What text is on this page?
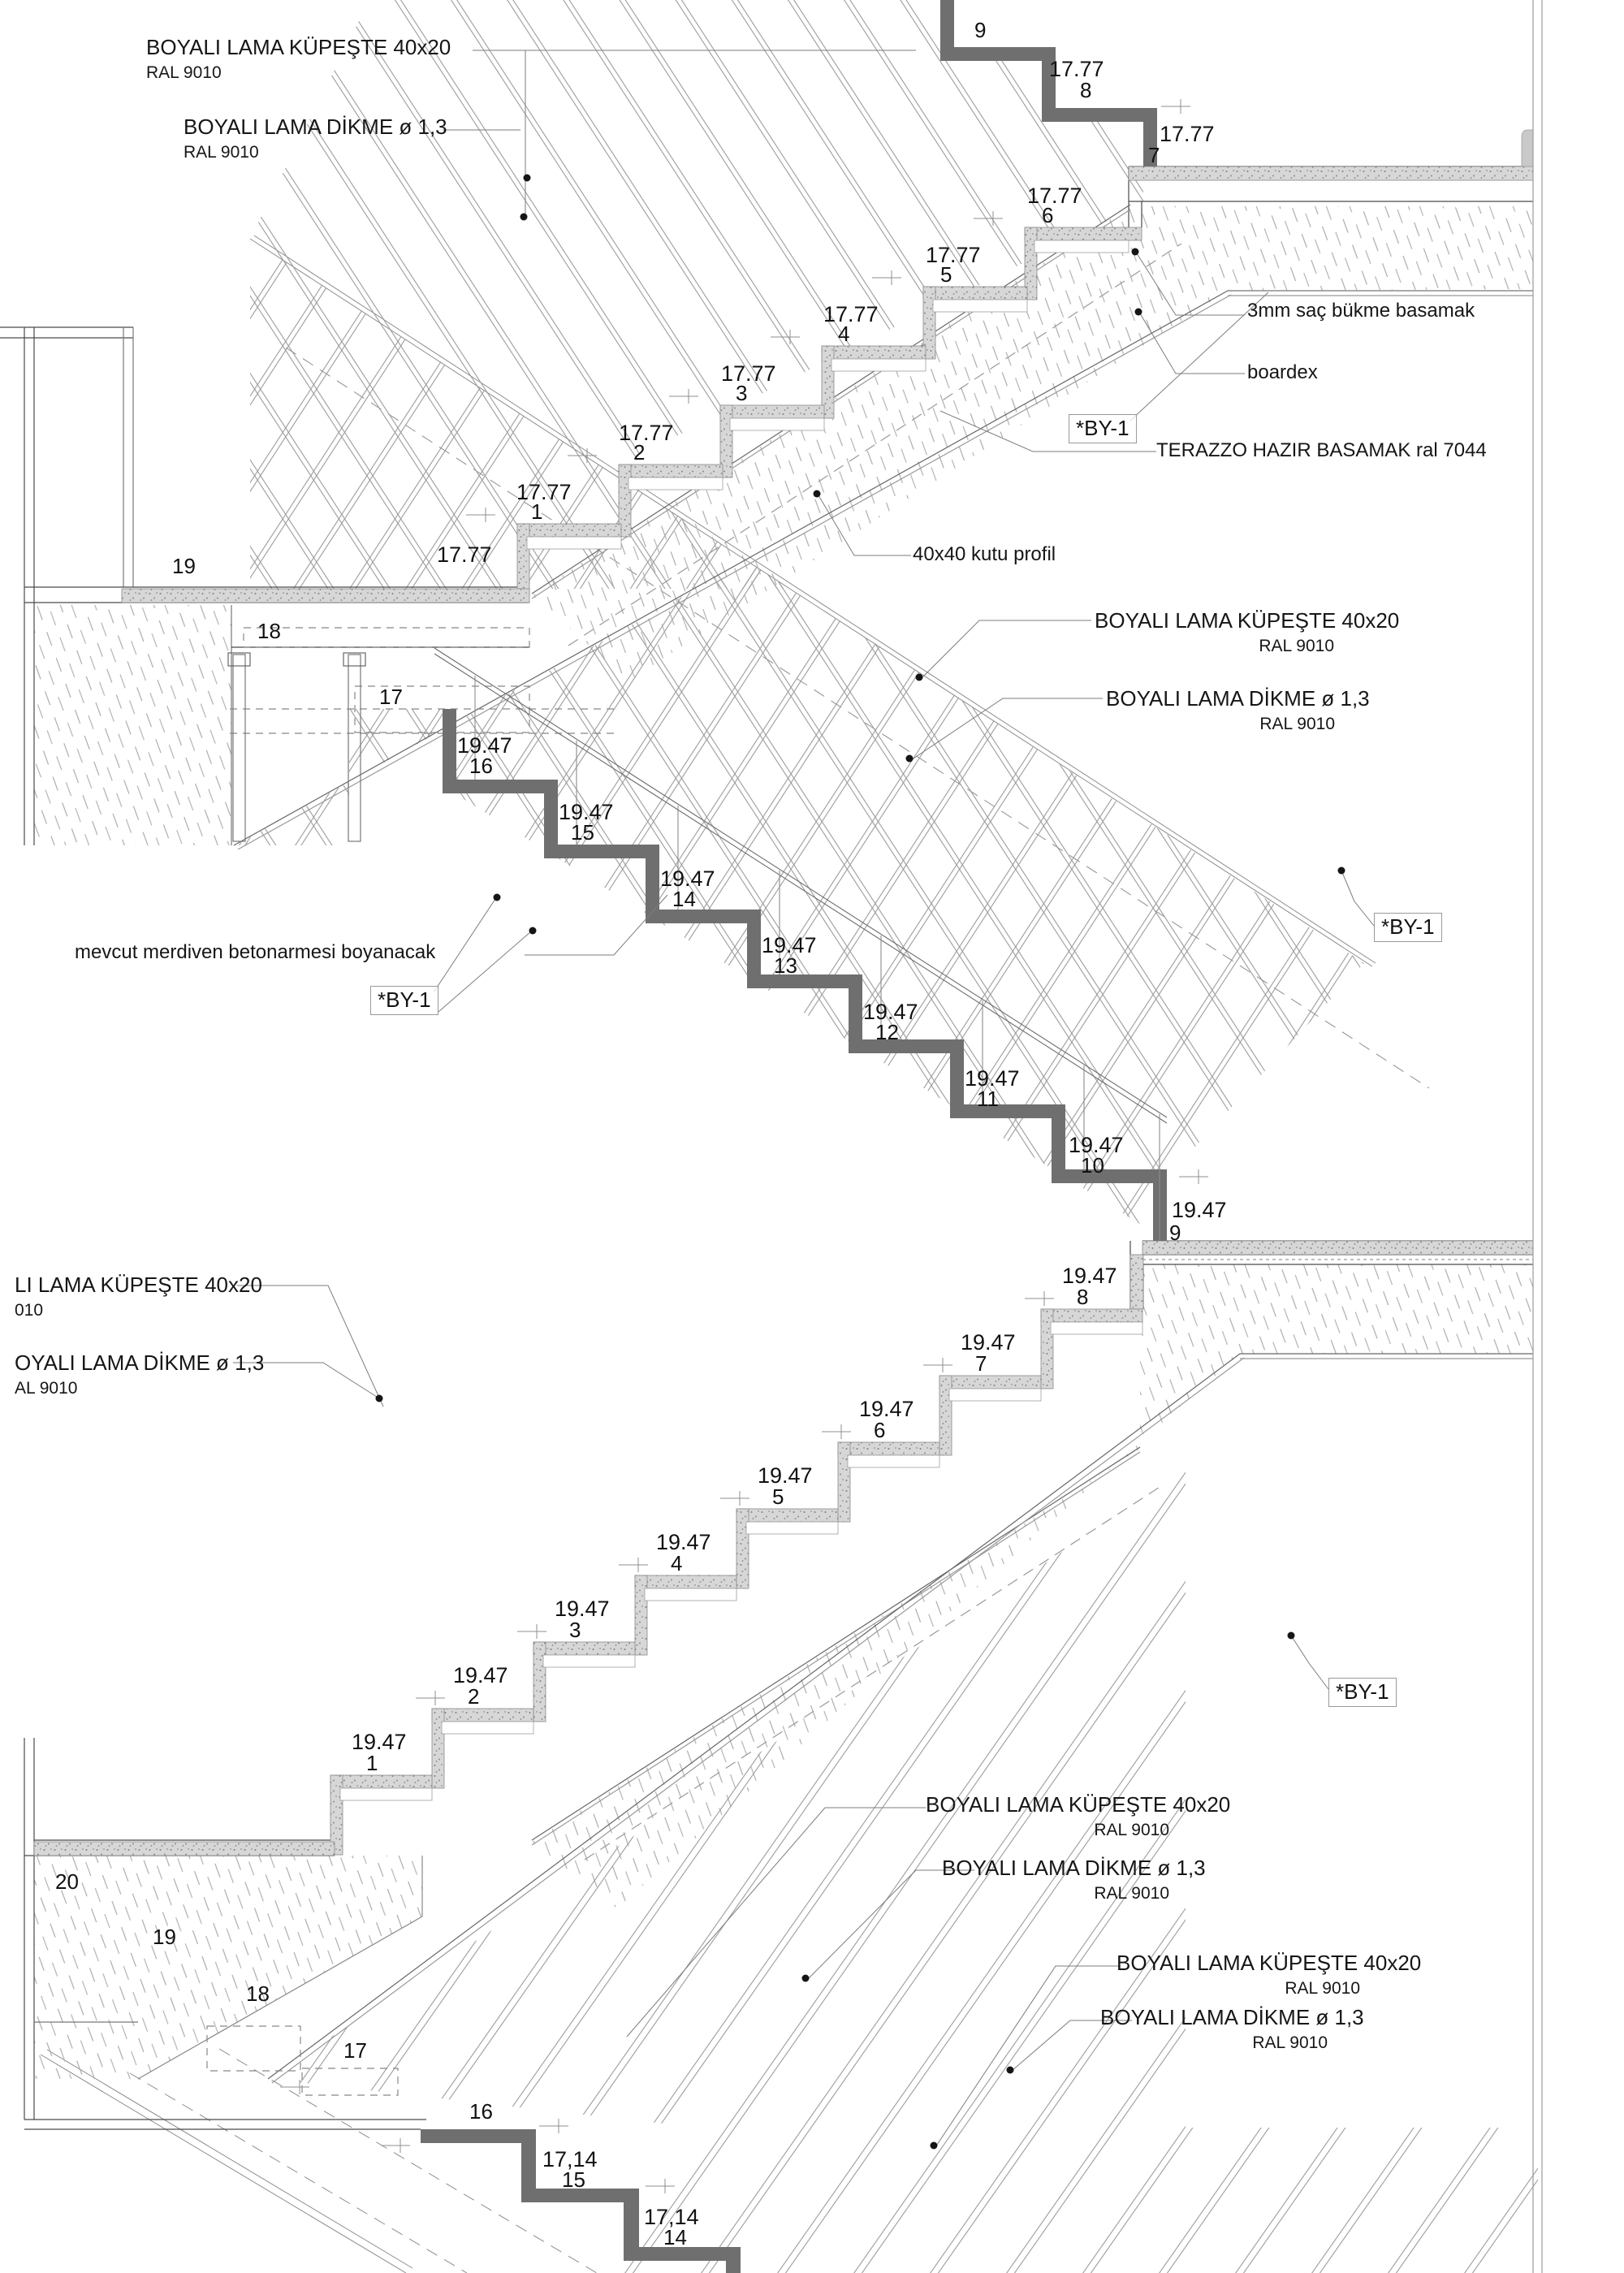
BOYALI LAMA KÜPEŞTE 40x20
RAL 9010
BOYALI LAMA DİKME ø 1,3
RAL 9010
3mm saç bükme basamak
boardex
TERAZZO HAZIR BASAMAK ral 7044
40x40 kutu profil
BOYALI LAMA KÜPEŞTE 40x20
RAL 9010
BOYALI LAMA DİKME ø 1,3
RAL 9010
mevcut merdiven betonarmesi boyanacak
LI LAMA KÜPEŞTE 40x20
010
OYALI LAMA DİKME ø 1,3
AL 9010
BOYALI LAMA KÜPEŞTE 40x20
RAL 9010
BOYALI LAMA DİKME ø 1,3
RAL 9010
BOYALI LAMA KÜPEŞTE 40x20
RAL 9010
BOYALI LAMA DİKME ø 1,3
RAL 9010
*BY-1
*BY-1
*BY-1
*BY-1
9
17.77
8
17.77
7
17.77
6
17.77
5
17.77
4
17.77
3
17.77
2
17.77
1
17.77
19
18
17
19.47
16
19.47
15
19.47
14
19.47
13
19.47
12
19.47
11
19.47
10
19.47
9
19.47
8
19.47
7
19.47
6
19.47
5
19.47
4
19.47
3
19.47
2
19.47
1
20
19
18
17
16
17,14
15
17,14
14
